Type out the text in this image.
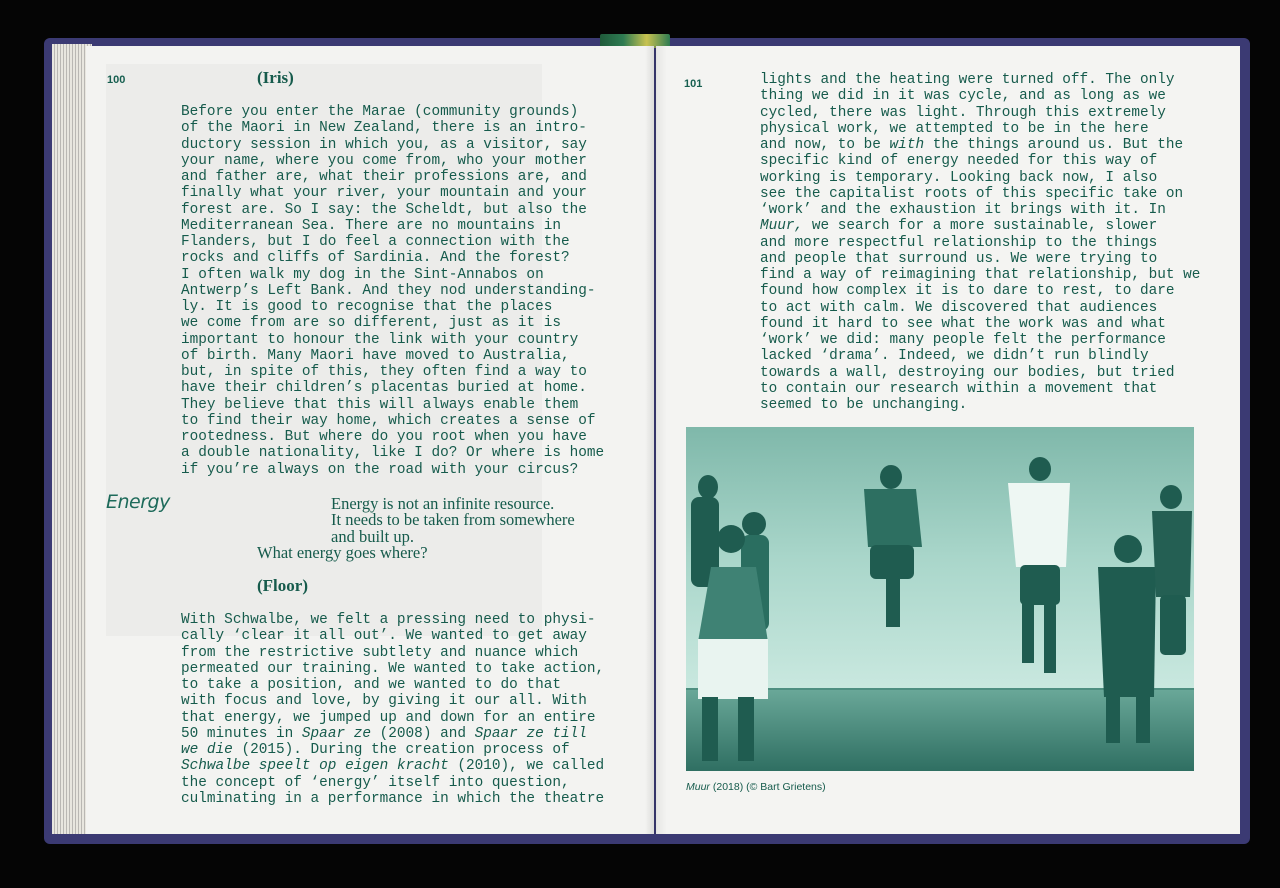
100	(Iris)
Before you enter the Marae (community grounds)
of the Maori in New Zealand, there is an intro-
ductory session in which you, as a visitor, say
your name, where you come from, who your mother
and father are, what their professions are, and
finally what your river, your mountain and your
forest are. So I say: the Scheldt, but also the
Mediterranean Sea. There are no mountains in
Flanders, but I do feel a connection with the
rocks and cliffs of Sardinia. And the forest?
I often walk my dog in the Sint-Annabos on
Antwerp’s Left Bank. And they nod understanding-
ly. It is good to recognise that the places
we come from are so different, just as it is
important to honour the link with your country
of birth. Many Maori have moved to Australia,
but, in spite of this, they often find a way to
have their children’s placentas buried at home.
They believe that this will always enable them
to find their way home, which creates a sense of
rootedness. But where do you root when you have
a double nationality, like I do? Or where is home
if you’re always on the road with your circus?
Energy	Energy is not an infinite resource.
It needs to be taken from somewhere
and built up.
What energy goes where?
(Floor)
With Schwalbe, we felt a pressing need to physi-
cally ‘clear it all out’. We wanted to get away
from the restrictive subtlety and nuance which
permeated our training. We wanted to take action,
to take a position, and we wanted to do that
with focus and love, by giving it our all. With
that energy, we jumped up and down for an entire
50 minutes in Spaar ze (2008) and Spaar ze till
we die (2015). During the creation process of
Schwalbe speelt op eigen kracht (2010), we called
the concept of ‘energy’ itself into question,
culminating in a performance in which the theatre
101	lights and the heating were turned off. The only
thing we did in it was cycle, and as long as we
cycled, there was light. Through this extremely
physical work, we attempted to be in the here
and now, to be with the things around us. But the
specific kind of energy needed for this way of
working is temporary. Looking back now, I also
see the capitalist roots of this specific take on
‘work’ and the exhaustion it brings with it. In
Muur, we search for a more sustainable, slower
and more respectful relationship to the things
and people that surround us. We were trying to
find a way of reimagining that relationship, but we
found how complex it is to dare to rest, to dare
to act with calm. We discovered that audiences
found it hard to see what the work was and what
‘work’ we did: many people felt the performance
lacked ‘drama’. Indeed, we didn’t run blindly
towards a wall, destroying our bodies, but tried
to contain our research within a movement that
seemed to be unchanging.
Muur (2018) (© Bart Grietens)
